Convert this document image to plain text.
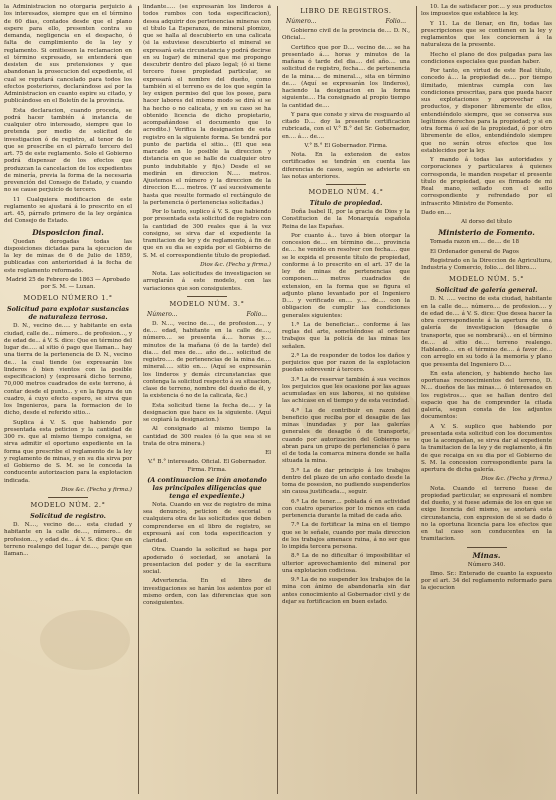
la Administracion no otorgaría perjuicio á los interesados, siempre que en el término de 60 dias, contados desde que el plano espere para ello, presenten contra su demanda, negligencia en el despacho, ó falta de cumplimiento de la ley y reglamento. Si omitiesen la reclamacion en el término expresado, se entenderá que desisten de sus pretensiones y que abandonan la prosecucion del expediente, el cual se reputará cancelado para todos los efectos posteriores, declarándose así por la Administracion en cuanto espire su citado, y publicándose en el Boletín de la provincia.

Esta declaracion, cuando proceda, se podrá hacer también á instancia de cualquier otro interesado, siempre que lo pretenda por medio de solicitud de investigacion ó de registro, al tenor de lo que se prescribe en el párrafo tercero del art. 75 de este reglamento. Solo el Gobierno podrá dispensar de los efectos que produzcan la cancelacion de los expedientes de minería, previa la forma de la necesaria prevención del Consejo de Estado, y cuando no se cause perjuicio de tercero.

11 Cualquiera modificacion de este reglamento se ajustará á lo prescrito en el art. 45, párrafo primero de la ley orgánica del Consejo de Estado.

Disposicion final.

Quedan derogadas todas las disposiciones dictadas para la ejecucion de la ley de minas de 6 de Julio de 1859, publicadas con anterioridad á la fecha de este reglamento reformado.

Madrid 25 de Febrero de 1863 — Aprobado por S. M. — Luxan.

MODELO NÚMERO 1.°
Solicitud para explotar sustancias de naturaleza terrosa.

D. N., vecino de..... y habitante en esta ciudad, calle de... número... de profesion..., y de edad de... á V. S. dice: Que en término del lugar de..... al sitio ó pago que llaman... hay una tierra de la pertenencia de D. N., vecino de... la cual tiende (se expresarán los linderos ó bien vientos con la posible especificacion) y (expresará dicho terreno, 70,000 metros cuadrados de este terreno, á contar desde el punto... y en la figura de un cuadro, á cuyo efecto espero, se sirva que los Ingenieros, para la formacion de lo dicho, desde el referido sitio...

Suplica á V. S. que habiendo por presentada esta peticion y la cantidad de 300 rs. que al mismo tiempo consigna, se sirva admitir el oportuno expediente en la forma que prescribe el reglamento de la ley y reglamento de minas, y en su dia sirva por el Gobierno de S. M. se le conceda la conducente autorizacion para la explotacion indicada.

Dios &c. (Fecha y firma.)

MODELO NÚM. 2.°
Solicitud de registro.

D. N...., vecino de.... esta ciudad y habitante en la calle de...., número... de profesion..., y edad de... á V. S. dice: Que en terreno realengo del lugar de...., paraje que llaman...

lindante..... (se expresarán los linderos á todos rumbos con toda especificacion), desea adquirir dos pertenencias mineras con el título La Esperanza, de mineral plomizo, que se halla al descubierto en una calicata (si la estuviese descubierto el mineral se expresará esta circunstancia y podrá decirse en su lugar) de mineral que me propongo descubrir dentro del plazo legal; (ó si tiene tercero fuese propiedad particular, se expresará el nombre del dueño, como también si el terreno es de los que según la ley exigen permiso del que los posee, para hacer labores del mismo modo se dirá si se ha hecho o no calicata, y en su caso se ha obtenido licencia de dicho propietario, acompañándose el documento que lo acredite.) Verifica la designacion de esta registro en la siguiente forma. Se tendrá por punto de partida el sitio... (El que sea marcado en lo posible la direccion y distancia en que se halle de cualquier otro punto indubitable y fijo.) Desde el se medirán en direccion N..... metros. Ajustemos el número y la direccion de la direccion E..... metros. (Y así sucesivamente hasta que resulte formado el rectángulo de la pertenencia ó pertenencias solicitadas.)

Por lo tanto, suplico á V. S. que habiendo por presentada esta solicitud de registro con la cantidad de 300 reales que á la vez consigno, se sirva dar el expediente la tramitacion de ley y de reglamento, á fin de que en su dia se expida por el Gobierno de S. M. el correspondiente título de propiedad.

Dios &c. (Fecha y firma.)

Nota. Las solicitudes de investigacion se arreglarán á este modelo, con las variaciones que son consiguientes.

MODELO NÚM. 3.°
Número...	Folio...

D. N...., vecino de...., de profesion...., y de.... edad, habitante en la calle de...., número.... se presenta á.... horas y.... minutos de la mañana (ó de la tarde) del dia.... del mes de.... año de.... solicitud de registro..... de pertenencias de la mina de.... mineral..... sitio en.... (Aquí se expresarán los linderos y demás circunstancias que contenga la solicitud respecto á su situacion, clase de terreno, nombre del dueño de él, y la existencia ó no de la calicata, &c.)

Esta solicitud tiene la fecha de.... y la designacion que hace es la siguiente. (Aquí se copiará la designacion.)

Al consignado al mismo tiempo la cantidad de 300 reales (ó la que sea si se trata de otra minera.)

El

V.° B.° interesado. Oficial. El Gobernador. Firma. Firma.

(A continuacion se irán anotando las principales diligencias que tenga el expediente.)

Nota. Cuando en vez de registro de mina sea denuncio, peticion de escorial o cualquiera otra de las solicitudes que deben comprenderse en el libro de registro, se expresará así con toda especificacion y claridad.

Otra. Cuando la solicitud se haga por apoderado ó sociedad, se anotará la presentacion del poder y de la escritura social.

Advertencia. En el libro de investigaciones se harán los asientos por el mismo orden, con las diferencias que son consiguientes.

LIBRO DE REGISTROS.
Número...	Folio...

Gobierno civil de la provincia de.... D. N., Oficial...

Certifico que por D.... vecino de.... se ha presentado á.... horas y minutos de la mañana ó tarde del dia.... del año.... una solicitud de registro, fecha.... de pertenencia de la mina.... de mineral..., sita en término de.... (Aquí se expresarán los linderos), haciendo la designacion en la forma siguiente.... Ha consignado al propio tiempo la cantidad de....

Y para que conste y sirva de resguardo al citado D.... doy la presente certificacion rubricada, con el V.° B.° del Sr. Gobernador, en.... á.... de....

V.° B.° El Gobernador. Firma.

Nota. En la extension de estos certificados se tendrán en cuenta las diferencias de casos, según se advierte en las notas anteriores.

MODELO NÚM. 4.°
Título de propiedad.

Doña Isabel II, por la gracia de Dios y la Constitucion de la Monarquía española Reina de las Españas.

Por cuanto á... tuvo á bien otorgar la concesion de.... en término de.... provincia de.... he venido en resolver con fecha.... que se le expida el presente título de propiedad, conforme á lo prescrito en el art. 37 de la ley de minas de pertenencias que componen.... metros cuadrados de extension, en la forma que se figura el adjunto plano levantado por el Ingeniero D.... y verificado en.... y.... de.... con la obligacion de cumplir las condiciones generales siguientes:

1.ª La de beneficiar... conforme á las reglas del arte, sometiéndose al ordenar trabajos que la policía de las minas les señalen.

2.ª La de responder de todos los daños y perjuicios que por razon de la explotacion puedan sobrevenir á tercero.

3.ª La de reservar también á sus vecinos los perjuicios que les ocasione por las aguas acumuladas en sus labores, si no quisiese las achicase en el tiempo y de esta vecindad.

4.ª La de contribuir en razon del beneficio que reciba por el desagüe de las minas inundadas y por las galerías generales de desagüe ó de transporte, cuando por autorizacion del Gobierno se abran para un grupo de pertenencias ó para el de toda la comarca minera donde se halla situada la mina.

5.ª La de dar principio á los trabajos dentro del plazo de un año contado desde la toma de posesion, no pudiendo suspenderlos sin causa justificada..., seguir.

6.ª La de tener.... poblada ó en actividad con cuatro operarios por lo menos en cada pertenencia durante la mitad de cada año.

7.ª La de fortificar la mina en el tiempo que se le señale, cuando por mala direccion de los trabajos amenace ruina, á no ser que lo impida tercera persona.

8.ª La de no dificultar ó imposibilitar el ulterior aprovechamiento del mineral por una explotacion codiciosa.

9.ª La de no suspender los trabajos de la mina con ánimo de abandonarla sin dar antes conocimiento al Gobernador civil y de dejar su fortificacion en buen estado.

10. La de satisfacer por.... y sus productos los impuestos que establece la ley.

Y 11. La de llenar, en fin, todas las prescripciones que se contienen en la ley y reglamentos que les conciernen á la naturaleza de la presente.

Hecho el plano de dos pulgadas para las condiciones especiales que puedan haber.

Por tanto, en virtud de este Real título, concedo á.... la propiedad de.... por tiempo ilimitado, mientras cumpla con las condiciones prescritas, para que pueda hacer sus explotaciones y aprovechar sus productos, y disponer libremente de ellos, entendiéndolo siempre, que se conserva sus legítimos derechos para la propiedad; y si en otra forma ó así de la propiedad, ó por otro libremente de ellos, entendiéndolo siempre que no serán otros efectos que los establecidos por la ley.

Y mando á todas las autoridades y corporaciones y particulares á quienes corresponda, le manden respetar el presente título de propiedad, que es firmado de mi Real mano, sellado con el sello correspondiente y refrendado por el infrascrito Ministro de Fomento.

Dado en....

Al dorso del título

Ministerio de Fomento.

Tomada razon en.... de.... de 18

El Ordenador general de Pagos

Registrado en la Direccion de Agricultura, Industria y Comercio, folio.... del libro....

MODELO NÚM. 5.°
Solicitud de galería general.

D. N. ..... vecino de esta ciudad, habitante en la calle de.... número.... de profesion.... y de edad de.... á V. S. dice: Que desea hacer la obra correspondiente á la apertura de una galería de investigacion (desagüe ó transporte, que se nombrará)... en el término de.... al sitio de.... terreno realengo. Hablando.... en el término de.... á favor de... con arreglo en su todo á la memoria y plano que presenta del Ingeniero D....

En esta atencion, y habiendo hecho las oportunas reconocimientos del terreno, D. N.... dueños de las minas.... ó interesados en los registros.... que se hallan dentro del espacio que ha de comprender la citada galería, segun consta de los adjuntos documentos:

A V. S. suplico que habiendo por presentada esta solicitud con los documentos que la acompañan, se sirva dar al expediente la tramitacion de la ley y de reglamento, á fin de que recaiga en su dia por el Gobierno de S. M. la concesion correspondiente para la apertura de dicha galería.

Dios &c. (Fecha y firma.)

Nota. Cuando el terreno fuese de propiedad particular, se expresará el nombre del dueño, y si fuese además de los en que se exige licencia del mismo, se anotará esta circunstancia, con expresion de si se dado ó no la oportuna licencia para los efectos que en tal caso son conducentes en la tramitacion.

Minas.

Número 340.

Ilmo. Sr.: Enterado de cuanto la expuesto por el art. 34 del reglamento reformado para la ejecucion
